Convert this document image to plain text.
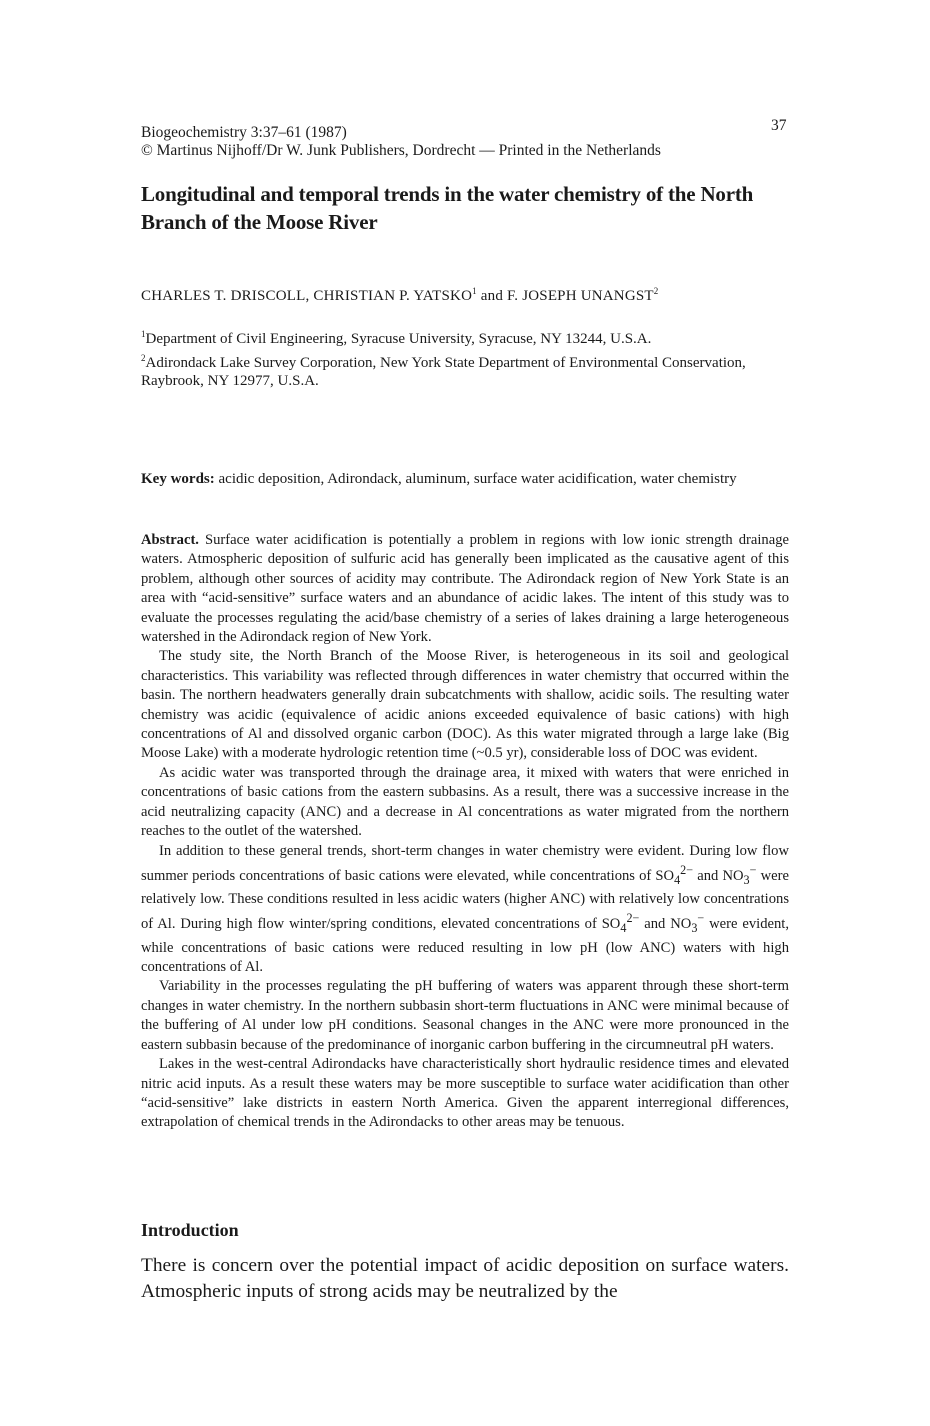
Biogeochemistry 3:37–61 (1987)
© Martinus Nijhoff/Dr W. Junk Publishers, Dordrecht — Printed in the Netherlands
37
Longitudinal and temporal trends in the water chemistry of the North Branch of the Moose River
CHARLES T. DRISCOLL, CHRISTIAN P. YATSKO$^1$ and F. JOSEPH UNANGST$^2$
$^1$Department of Civil Engineering, Syracuse University, Syracuse, NY 13244, U.S.A.
$^2$Adirondack Lake Survey Corporation, New York State Department of Environmental Conservation, Raybrook, NY 12977, U.S.A.
Key words: acidic deposition, Adirondack, aluminum, surface water acidification, water chemistry

Abstract. Surface water acidification is potentially a problem in regions with low ionic strength drainage waters. Atmospheric deposition of sulfuric acid has generally been implicated as the causative agent of this problem, although other sources of acidity may contribute. The Adirondack region of New York State is an area with “acid-sensitive” surface waters and an abundance of acidic lakes. The intent of this study was to evaluate the processes regulating the acid/base chemistry of a series of lakes draining a large heterogeneous watershed in the Adirondack region of New York.

The study site, the North Branch of the Moose River, is heterogeneous in its soil and geological characteristics. This variability was reflected through differences in water chemistry that occurred within the basin. The northern headwaters generally drain subcatchments with shallow, acidic soils. The resulting water chemistry was acidic (equivalence of acidic anions exceeded equivalence of basic cations) with high concentrations of Al and dissolved organic carbon (DOC). As this water migrated through a large lake (Big Moose Lake) with a moderate hydrologic retention time (~0.5 yr), considerable loss of DOC was evident.

As acidic water was transported through the drainage area, it mixed with waters that were enriched in concentrations of basic cations from the eastern subbasins. As a result, there was a successive increase in the acid neutralizing capacity (ANC) and a decrease in Al concentrations as water migrated from the northern reaches to the outlet of the watershed.

In addition to these general trends, short-term changes in water chemistry were evident. During low flow summer periods concentrations of basic cations were elevated, while concentrations of $SO_4^{2-}$ and $NO_3^-$ were relatively low. These conditions resulted in less acidic waters (higher ANC) with relatively low concentrations of Al. During high flow winter/spring conditions, elevated concentrations of $SO_4^{2-}$ and $NO_3^-$ were evident, while concentrations of basic cations were reduced resulting in low pH (low ANC) waters with high concentrations of Al.

Variability in the processes regulating the pH buffering of waters was apparent through these short-term changes in water chemistry. In the northern subbasin short-term fluctuations in ANC were minimal because of the buffering of Al under low pH conditions. Seasonal changes in the ANC were more pronounced in the eastern subbasin because of the predominance of inorganic carbon buffering in the circumneutral pH waters.

Lakes in the west-central Adirondacks have characteristically short hydraulic residence times and elevated nitric acid inputs. As a result these waters may be more susceptible to surface water acidification than other “acid-sensitive” lake districts in eastern North America. Given the apparent interregional differences, extrapolation of chemical trends in the Adirondacks to other areas may be tenuous.

Introduction

There is concern over the potential impact of acidic deposition on surface waters. Atmospheric inputs of strong acids may be neutralized by the
